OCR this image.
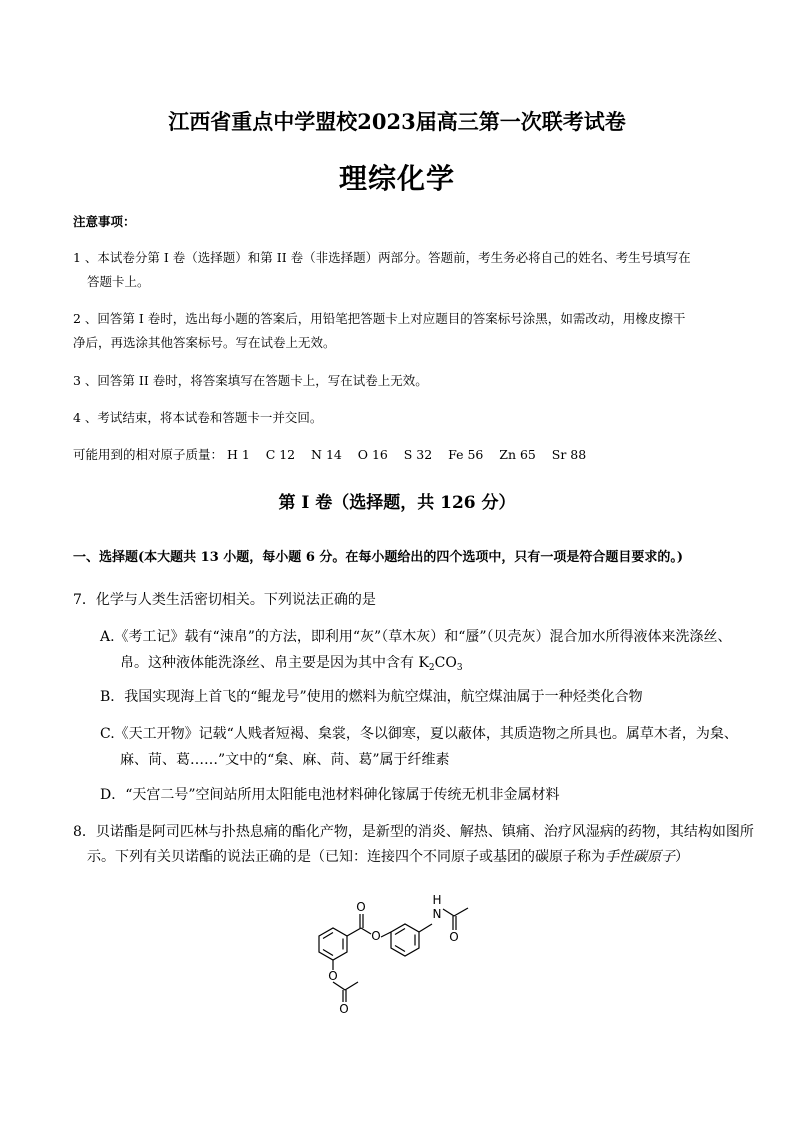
江西省重点中学盟校2023届高三第一次联考试卷
理综化学
注意事项：
1 、本试卷分第 I 卷（选择题）和第 II 卷（非选择题）两部分。答题前，考生务必将自己的姓名、考生号填写在
答题卡上。
2 、回答第 I 卷时，选出每小题的答案后，用铅笔把答题卡上对应题目的答案标号涂黑，如需改动，用橡皮擦干
净后，再选涂其他答案标号。写在试卷上无效。
3 、回答第 II 卷时，将答案填写在答题卡上，写在试卷上无效。
4 、考试结束，将本试卷和答题卡一并交回。
可能用到的相对原子质量： H 1    C 12    N 14    O 16    S 32    Fe 56    Zn 65    Sr 88
第 Ⅰ 卷（选择题，共 126 分）
一、选择题(本大题共 13 小题，每小题 6 分。在每小题给出的四个选项中，只有一项是符合题目要求的。)
7．化学与人类生活密切相关。下列说法正确的是
A.《考工记》载有“涑帛”的方法，即利用“灰”（草木灰）和“蜃”（贝壳灰）混合加水所得液体来洗涤丝、
帛。这种液体能洗涤丝、帛主要是因为其中含有 $K_2CO_3$
B．我国实现海上首飞的“鲲龙号”使用的燃料为航空煤油，航空煤油属于一种烃类化合物
C.《天工开物》记载“人贱者短褐、枲裳，冬以御寒，夏以蔽体，其质造物之所具也。属草木者，为枲、
麻、苘、葛……”文中的“枲、麻、苘、葛”属于纤维素
D．“天宫二号”空间站所用太阳能电池材料砷化镓属于传统无机非金属材料
8．贝诺酯是阿司匹林与扑热息痛的酯化产物，是新型的消炎、解热、镇痛、治疗风湿病的药物，其结构如图所
示。下列有关贝诺酯的说法正确的是（已知：连接四个不同原子或基团的碳原子称为手性碳原子）
O
O
H
N
O
O
O
